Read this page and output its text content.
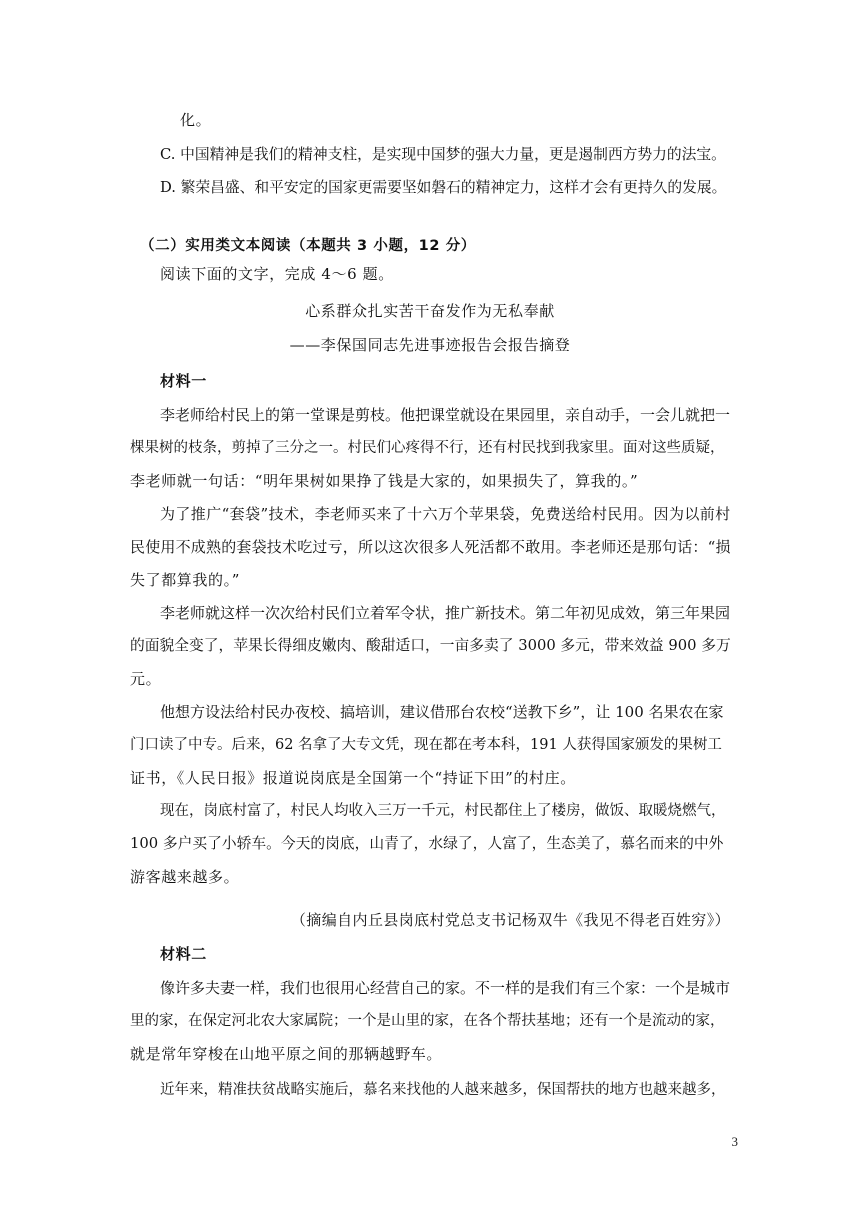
化。
C. 中国精神是我们的精神支柱，是实现中国梦的强大力量，更是遏制西方势力的法宝。
D. 繁荣昌盛、和平安定的国家更需要坚如磐石的精神定力，这样才会有更持久的发展。
（二）实用类文本阅读（本题共 3 小题，12 分）
阅读下面的文字，完成 4～6 题。
心系群众扎实苦干奋发作为无私奉献
——李保国同志先进事迹报告会报告摘登
材料一
李老师给村民上的第一堂课是剪枝。他把课堂就设在果园里，亲自动手，一会儿就把一
棵果树的枝条，剪掉了三分之一。村民们心疼得不行，还有村民找到我家里。面对这些质疑，
李老师就一句话：“明年果树如果挣了钱是大家的，如果损失了，算我的。”
为了推广“套袋”技术，李老师买来了十六万个苹果袋，免费送给村民用。因为以前村
民使用不成熟的套袋技术吃过亏，所以这次很多人死活都不敢用。李老师还是那句话：“损
失了都算我的。”
李老师就这样一次次给村民们立着军令状，推广新技术。第二年初见成效，第三年果园
的面貌全变了，苹果长得细皮嫩肉、酸甜适口，一亩多卖了 3000 多元，带来效益 900 多万
元。
他想方设法给村民办夜校、搞培训，建议借邢台农校“送教下乡”，让 100 名果农在家
门口读了中专。后来，62 名拿了大专文凭，现在都在考本科，191 人获得国家颁发的果树工
证书，《人民日报》报道说岗底是全国第一个“持证下田”的村庄。
现在，岗底村富了，村民人均收入三万一千元，村民都住上了楼房，做饭、取暖烧燃气，
100 多户买了小轿车。今天的岗底，山青了，水绿了，人富了，生态美了，慕名而来的中外
游客越来越多。
（摘编自内丘县岗底村党总支书记杨双牛《我见不得老百姓穷》）
材料二
像许多夫妻一样，我们也很用心经营自己的家。不一样的是我们有三个家：一个是城市
里的家，在保定河北农大家属院；一个是山里的家，在各个帮扶基地；还有一个是流动的家，
就是常年穿梭在山地平原之间的那辆越野车。
近年来，精准扶贫战略实施后，慕名来找他的人越来越多，保国帮扶的地方也越来越多，
3
